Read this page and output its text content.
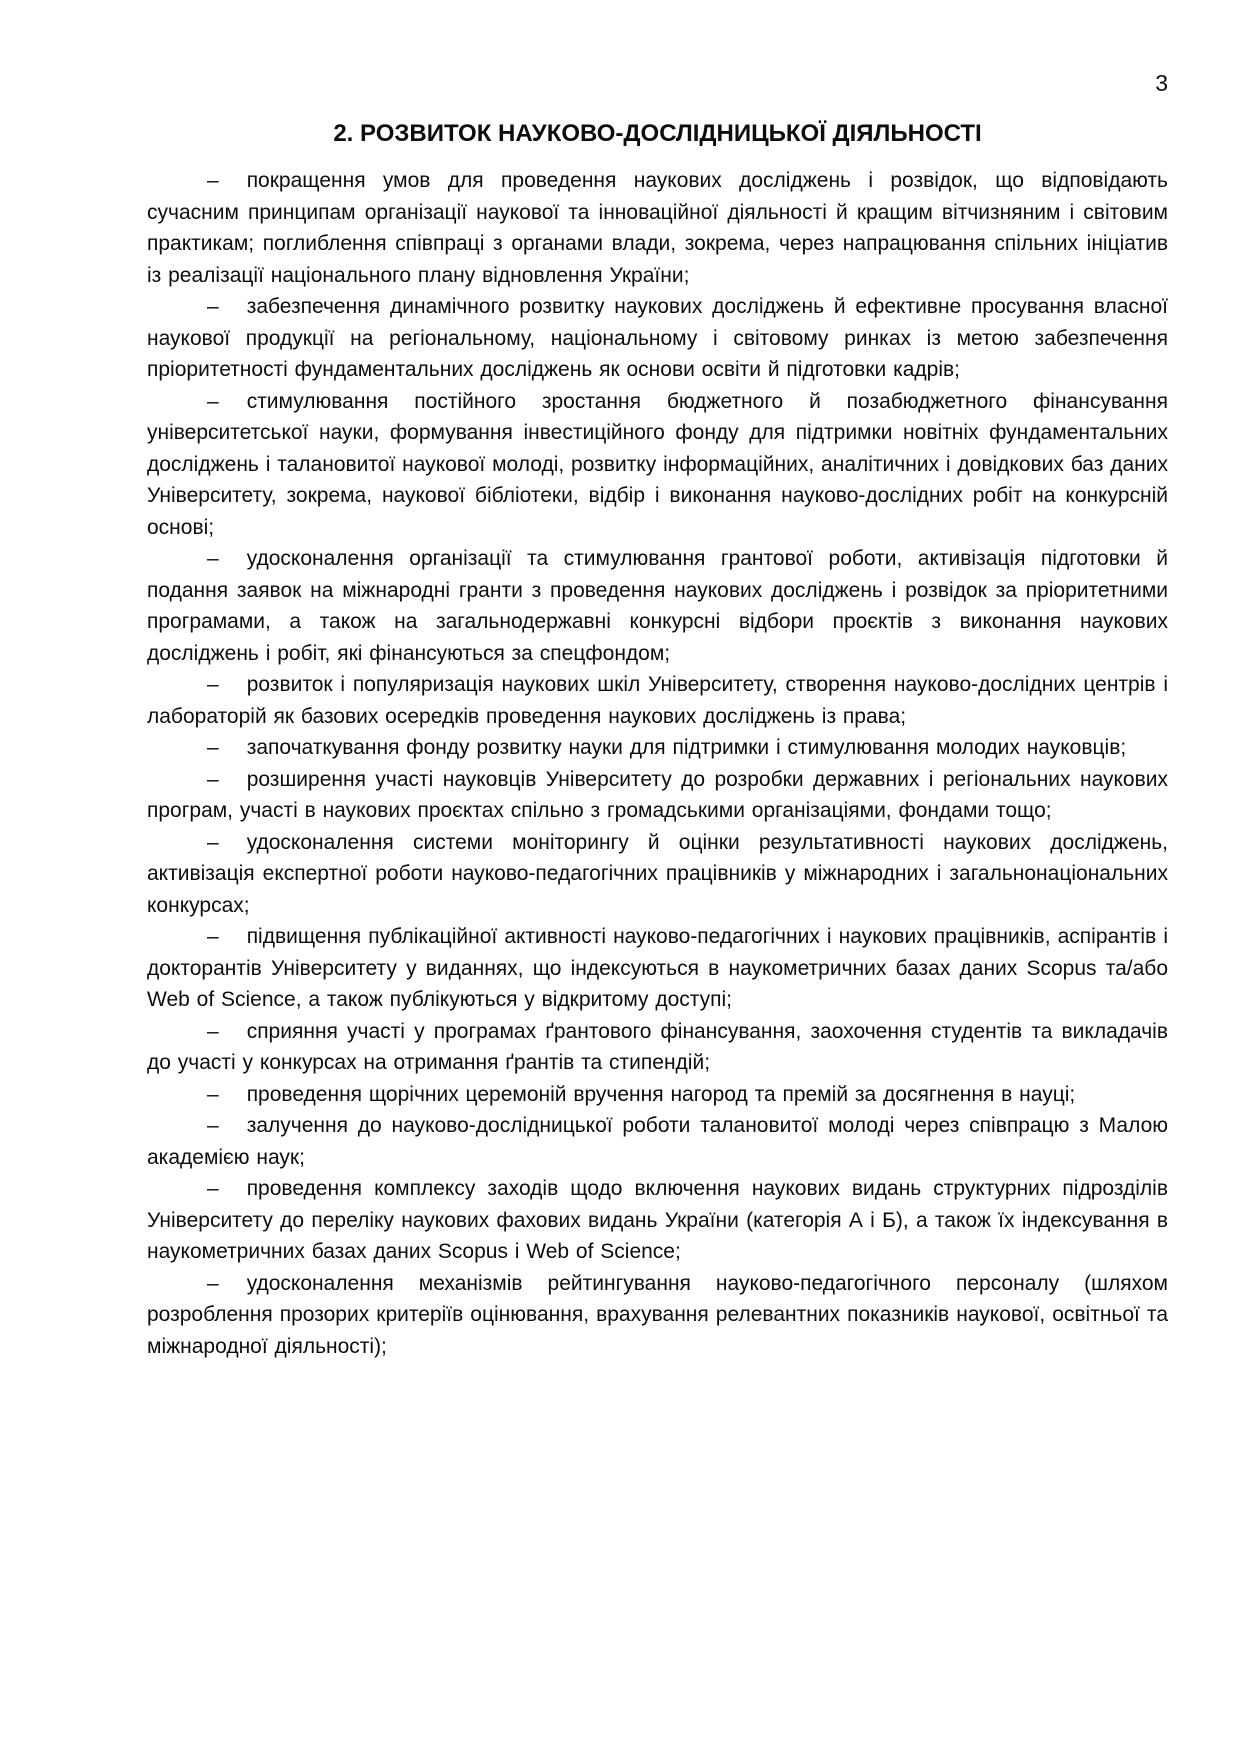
3
2. РОЗВИТОК НАУКОВО-ДОСЛІДНИЦЬКОЇ ДІЯЛЬНОСТІ

– покращення умов для проведення наукових досліджень і розвідок, що відповідають сучасним принципам організації наукової та інноваційної діяльності й кращим вітчизняним і світовим практикам; поглиблення співпраці з органами влади, зокрема, через напрацювання спільних ініціатив із реалізації національного плану відновлення України;

– забезпечення динамічного розвитку наукових досліджень й ефективне просування власної наукової продукції на регіональному, національному і світовому ринках із метою забезпечення пріоритетності фундаментальних досліджень як основи освіти й підготовки кадрів;

– стимулювання постійного зростання бюджетного й позабюджетного фінансування університетської науки, формування інвестиційного фонду для підтримки новітніх фундаментальних досліджень і талановитої наукової молоді, розвитку інформаційних, аналітичних і довідкових баз даних Університету, зокрема, наукової бібліотеки, відбір і виконання науково-дослідних робіт на конкурсній основі;

– удосконалення організації та стимулювання грантової роботи, активізація підготовки й подання заявок на міжнародні гранти з проведення наукових досліджень і розвідок за пріоритетними програмами, а також на загальнодержавні конкурсні відбори проєктів з виконання наукових досліджень і робіт, які фінансуються за спецфондом;

– розвиток і популяризація наукових шкіл Університету, створення науково-дослідних центрів і лабораторій як базових осередків проведення наукових досліджень із права;

– започаткування фонду розвитку науки для підтримки і стимулювання молодих науковців;

– розширення участі науковців Університету до розробки державних і регіональних наукових програм, участі в наукових проєктах спільно з громадськими організаціями, фондами тощо;

– удосконалення системи моніторингу й оцінки результативності наукових досліджень, активізація експертної роботи науково-педагогічних працівників у міжнародних і загальнонаціональних конкурсах;

– підвищення публікаційної активності науково-педагогічних і наукових працівників, аспірантів і докторантів Університету у виданнях, що індексуються в наукометричних базах даних Scopus та/або Web of Science, а також публікуються у відкритому доступі;

– сприяння участі у програмах ґрантового фінансування, заохочення студентів та викладачів до участі у конкурсах на отримання ґрантів та стипендій;

– проведення щорічних церемоній вручення нагород та премій за досягнення в науці;

– залучення до науково-дослідницької роботи талановитої молоді через співпрацю з Малою академією наук;

– проведення комплексу заходів щодо включення наукових видань структурних підрозділів Університету до переліку наукових фахових видань України (категорія А і Б), а також їх індексування в наукометричних базах даних Scopus і Web of Science;

– удосконалення механізмів рейтингування науково-педагогічного персоналу (шляхом розроблення прозорих критеріїв оцінювання, врахування релевантних показників наукової, освітньої та міжнародної діяльності);
